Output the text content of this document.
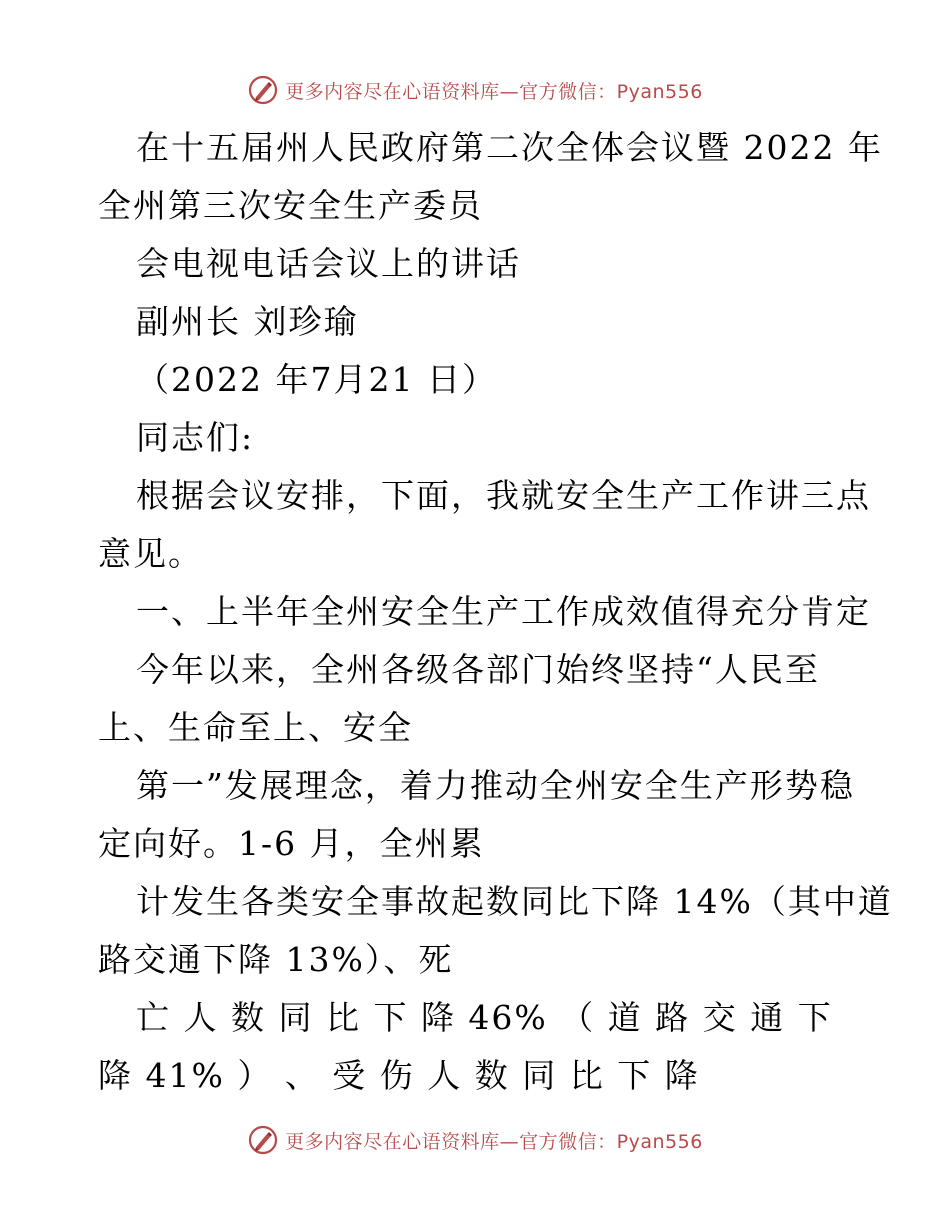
更多内容尽在心语资料库—官方微信：Pyan556
在十五届州人民政府第二次全体会议暨 2022 年
全州第三次安全生产委员
会电视电话会议上的讲话
副州长 刘珍瑜
（2022 年7月21 日）
同志们:
根据会议安排，下面，我就安全生产工作讲三点
意见。
一、上半年全州安全生产工作成效值得充分肯定
今年以来，全州各级各部门始终坚持“人民至
上、生命至上、安全
第一”发展理念，着力推动全州安全生产形势稳
定向好。1-6 月，全州累
计发生各类安全事故起数同比下降 14%（其中道
路交通下降 13%）、死
亡 人 数 同 比 下 降 46% （ 道 路 交 通 下
降 41% ） 、 受 伤 人 数 同 比 下 降
更多内容尽在心语资料库—官方微信：Pyan556
